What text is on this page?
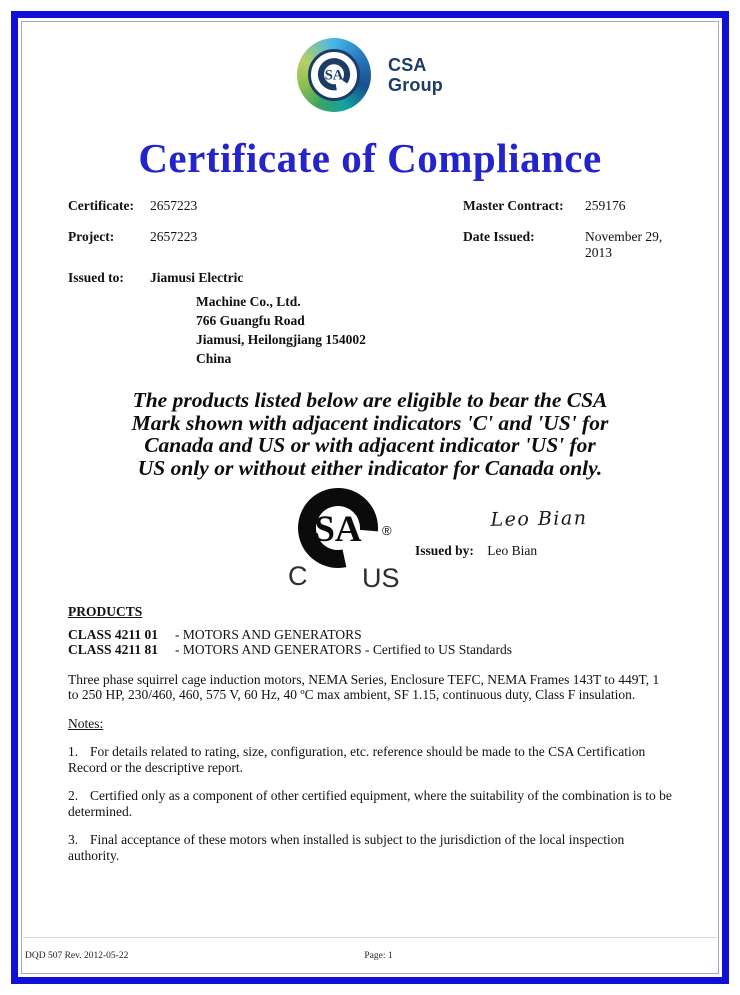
SA
CSA
Group
Certificate of Compliance
Certificate:	2657223	Master Contract:	259176
Project:	2657223	Date Issued:	November 29, 2013
Issued to:	Jiamusi Electric
Machine Co., Ltd.
766 Guangfu Road
Jiamusi, Heilongjiang 154002
China
The products listed below are eligible to bear the CSA
Mark shown with adjacent indicators 'C' and 'US' for
Canada and US or with adjacent indicator 'US' for
US only or without either indicator for Canada only.
SA ®
C US
Leo Bian
Issued by: Leo Bian
PRODUCTS
CLASS 4211 01	- MOTORS AND GENERATORS
CLASS 4211 81	- MOTORS AND GENERATORS - Certified to US Standards
Three phase squirrel cage induction motors, NEMA Series, Enclosure TEFC, NEMA Frames 143T to 449T, 1 to 250 HP, 230/460, 460, 575 V, 60 Hz, 40 ºC max ambient, SF 1.15, continuous duty, Class F insulation.
Notes:

1. For details related to rating, size, configuration, etc. reference should be made to the CSA Certification Record or the descriptive report.

2. Certified only as a component of other certified equipment, where the suitability of the combination is to be determined.

3. Final acceptance of these motors when installed is subject to the jurisdiction of the local inspection authority.

DQD 507 Rev. 2012-05-22	Page: 1
